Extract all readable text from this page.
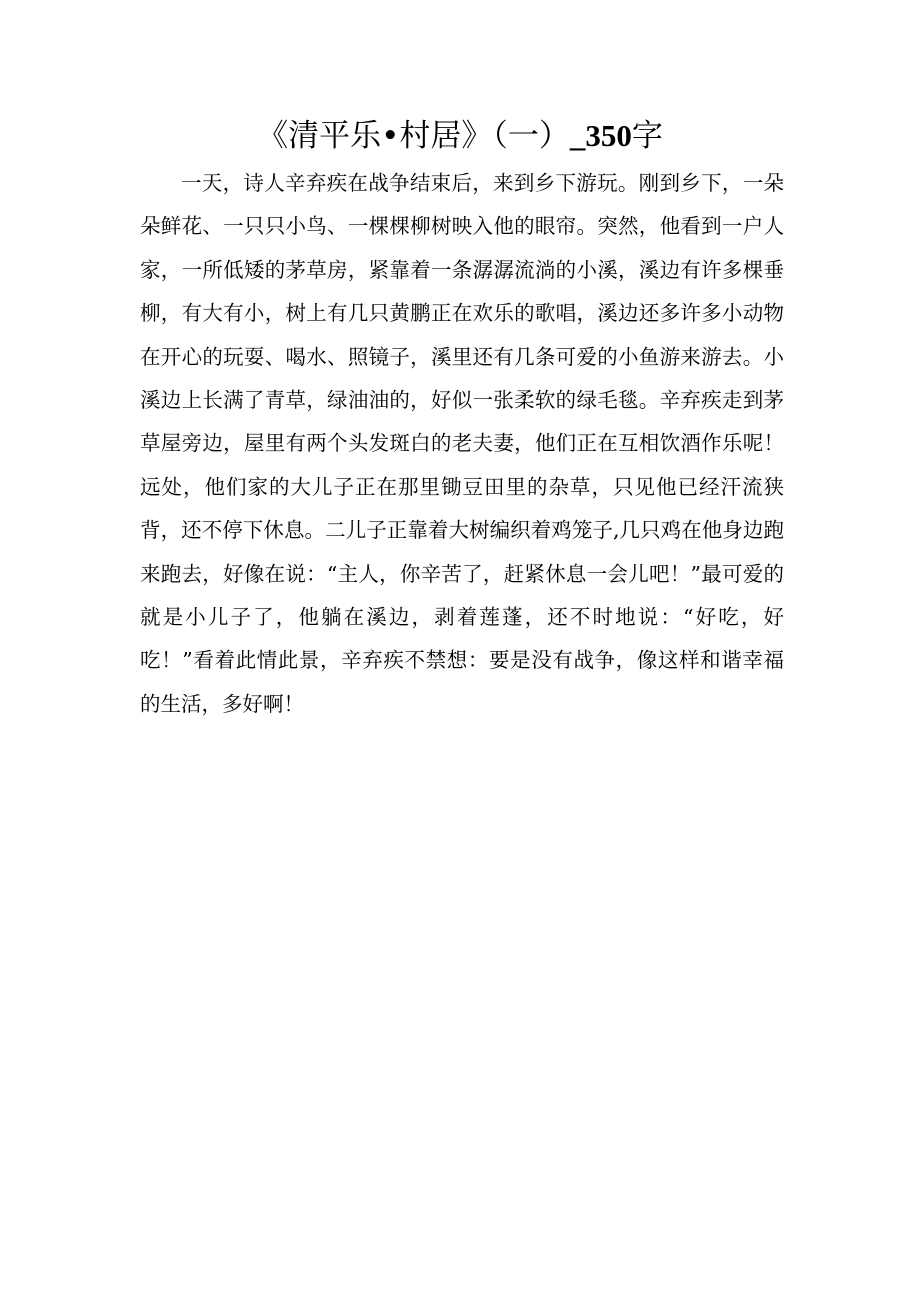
《清平乐•村居》（一）_350字

一天，诗人辛弃疾在战争结束后，来到乡下游玩。刚到乡下，一朵朵鲜花、一只只小鸟、一棵棵柳树映入他的眼帘。突然，他看到一户人家，一所低矮的茅草房，紧靠着一条潺潺流淌的小溪，溪边有许多棵垂柳，有大有小，树上有几只黄鹏正在欢乐的歌唱，溪边还多许多小动物在开心的玩耍、喝水、照镜子，溪里还有几条可爱的小鱼游来游去。小溪边上长满了青草，绿油油的，好似一张柔软的绿毛毯。辛弃疾走到茅草屋旁边，屋里有两个头发斑白的老夫妻，他们正在互相饮酒作乐呢！远处，他们家的大儿子正在那里锄豆田里的杂草，只见他已经汗流狭背，还不停下休息。二儿子正靠着大树编织着鸡笼子,几只鸡在他身边跑来跑去，好像在说：“主人，你辛苦了，赶紧休息一会儿吧！”最可爱的就是小儿子了，他躺在溪边，剥着莲蓬，还不时地说：“好吃，好吃！”看着此情此景，辛弃疾不禁想：要是没有战争，像这样和谐幸福的生活，多好啊！
